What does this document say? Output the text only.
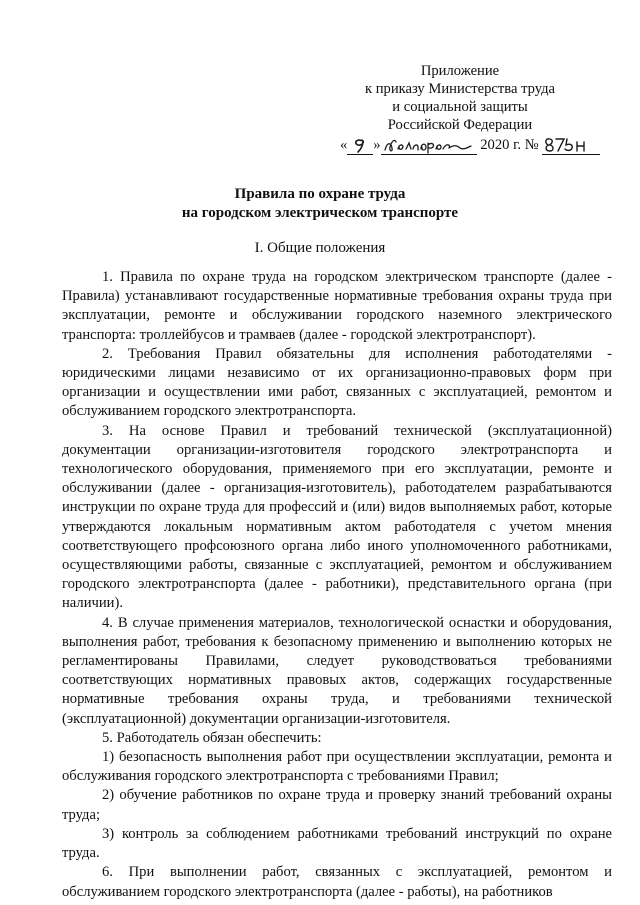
Приложение
к приказу Министерства труда
и социальной защиты
Российской Федерации
« »	2020 г. №
Правила по охране труда
на городском электрическом транспорте
I. Общие положения

1. Правила по охране труда на городском электрическом транспорте (далее - Правила) устанавливают государственные нормативные требования охраны труда при эксплуатации, ремонте и обслуживании городского наземного электрического транспорта: троллейбусов и трамваев (далее - городской электротранспорт).

2. Требования Правил обязательны для исполнения работодателями - юридическими лицами независимо от их организационно-правовых форм при организации и осуществлении ими работ, связанных с эксплуатацией, ремонтом и обслуживанием городского электротранспорта.

3. На основе Правил и требований технической (эксплуатационной) документации организации-изготовителя городского электротранспорта и технологического оборудования, применяемого при его эксплуатации, ремонте и обслуживании (далее - организация-изготовитель), работодателем разрабатываются инструкции по охране труда для профессий и (или) видов выполняемых работ, которые утверждаются локальным нормативным актом работодателя с учетом мнения соответствующего профсоюзного органа либо иного уполномоченного работниками, осуществляющими работы, связанные с эксплуатацией, ремонтом и обслуживанием городского электротранспорта (далее - работники), представительного органа (при наличии).

4. В случае применения материалов, технологической оснастки и оборудования, выполнения работ, требования к безопасному применению и выполнению которых не регламентированы Правилами, следует руководствоваться требованиями соответствующих нормативных правовых актов, содержащих государственные нормативные требования охраны труда, и требованиями технической (эксплуатационной) документации организации-изготовителя.

5. Работодатель обязан обеспечить:

1) безопасность выполнения работ при осуществлении эксплуатации, ремонта и обслуживания городского электротранспорта с требованиями Правил;

2) обучение работников по охране труда и проверку знаний требований охраны труда;

3) контроль за соблюдением работниками требований инструкций по охране труда.

6. При выполнении работ, связанных с эксплуатацией, ремонтом и обслуживанием городского электротранспорта (далее - работы), на работников
